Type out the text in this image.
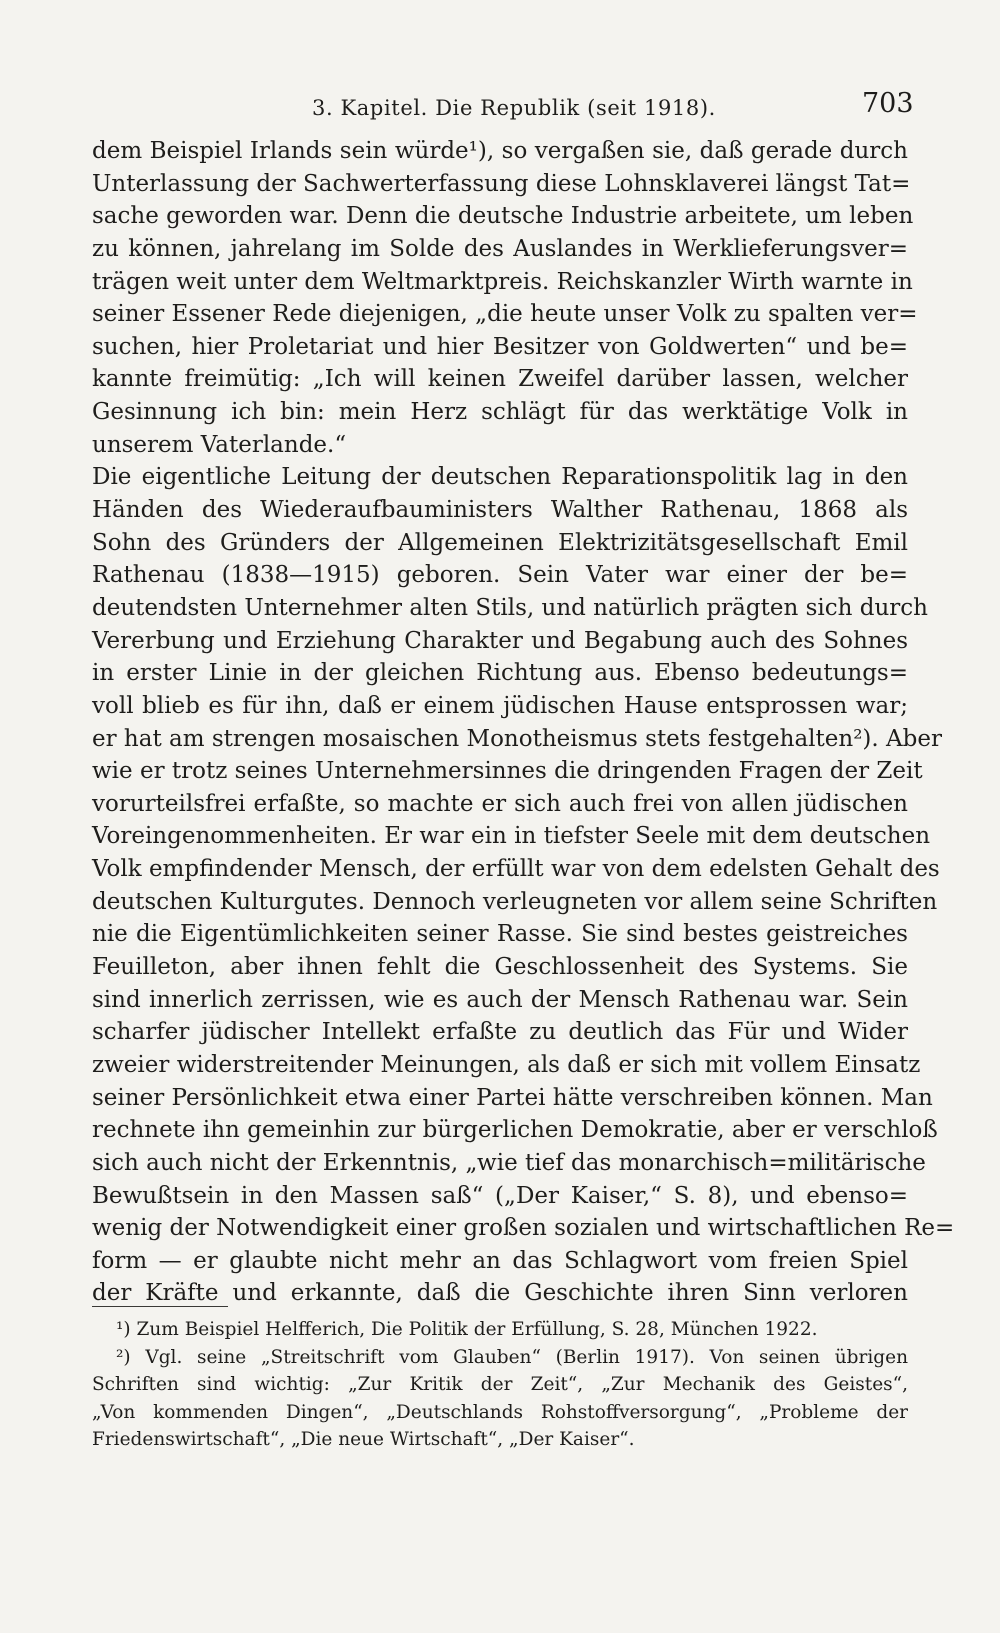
3. Kapitel. Die Republik (seit 1918).	703
dem Beispiel Irlands sein würde¹), so vergaßen sie, daß gerade durch
Unterlassung der Sachwerterfassung diese Lohnsklaverei längst Tat=
sache geworden war. Denn die deutsche Industrie arbeitete, um leben
zu können, jahrelang im Solde des Auslandes in Werklieferungsver=
trägen weit unter dem Weltmarktpreis. Reichskanzler Wirth warnte in
seiner Essener Rede diejenigen, „die heute unser Volk zu spalten ver=
suchen, hier Proletariat und hier Besitzer von Goldwerten“ und be=
kannte freimütig: „Ich will keinen Zweifel darüber lassen, welcher
Gesinnung ich bin: mein Herz schlägt für das werktätige Volk in
unserem Vaterlande.“
Die eigentliche Leitung der deutschen Reparationspolitik lag in den
Händen des Wiederaufbauministers Walther Rathenau, 1868 als
Sohn des Gründers der Allgemeinen Elektrizitätsgesellschaft Emil
Rathenau (1838—1915) geboren. Sein Vater war einer der be=
deutendsten Unternehmer alten Stils, und natürlich prägten sich durch
Vererbung und Erziehung Charakter und Begabung auch des Sohnes
in erster Linie in der gleichen Richtung aus. Ebenso bedeutungs=
voll blieb es für ihn, daß er einem jüdischen Hause entsprossen war;
er hat am strengen mosaischen Monotheismus stets festgehalten²). Aber
wie er trotz seines Unternehmersinnes die dringenden Fragen der Zeit
vorurteilsfrei erfaßte, so machte er sich auch frei von allen jüdischen
Voreingenommenheiten. Er war ein in tiefster Seele mit dem deutschen
Volk empfindender Mensch, der erfüllt war von dem edelsten Gehalt des
deutschen Kulturgutes. Dennoch verleugneten vor allem seine Schriften
nie die Eigentümlichkeiten seiner Rasse. Sie sind bestes geistreiches
Feuilleton, aber ihnen fehlt die Geschlossenheit des Systems. Sie
sind innerlich zerrissen, wie es auch der Mensch Rathenau war. Sein
scharfer jüdischer Intellekt erfaßte zu deutlich das Für und Wider
zweier widerstreitender Meinungen, als daß er sich mit vollem Einsatz
seiner Persönlichkeit etwa einer Partei hätte verschreiben können. Man
rechnete ihn gemeinhin zur bürgerlichen Demokratie, aber er verschloß
sich auch nicht der Erkenntnis, „wie tief das monarchisch=militärische
Bewußtsein in den Massen saß“ („Der Kaiser,“ S. 8), und ebenso=
wenig der Notwendigkeit einer großen sozialen und wirtschaftlichen Re=
form — er glaubte nicht mehr an das Schlagwort vom freien Spiel
der Kräfte und erkannte, daß die Geschichte ihren Sinn verloren
¹) Zum Beispiel Helfferich, Die Politik der Erfüllung, S. 28, München 1922.
²) Vgl. seine „Streitschrift vom Glauben“ (Berlin 1917). Von seinen übrigen
Schriften sind wichtig: „Zur Kritik der Zeit“, „Zur Mechanik des Geistes“,
„Von kommenden Dingen“, „Deutschlands Rohstoffversorgung“, „Probleme der
Friedenswirtschaft“, „Die neue Wirtschaft“, „Der Kaiser“.
